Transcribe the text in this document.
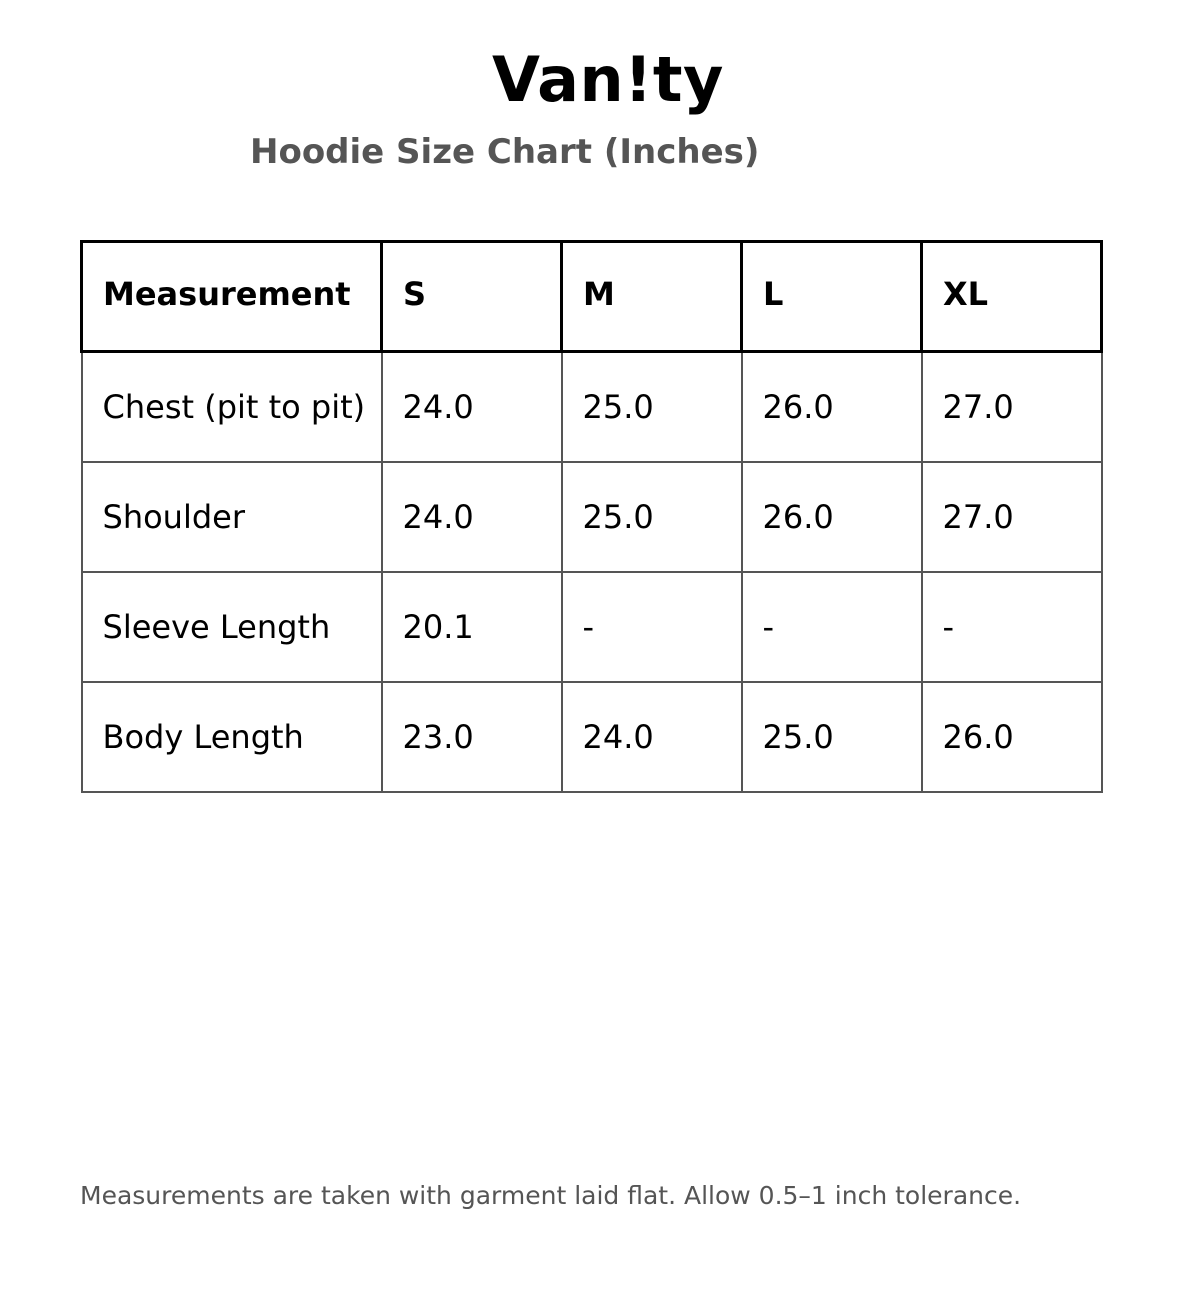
Van!ty
Hoodie Size Chart (Inches)
Measurement	S	M	L	XL
Chest (pit to pit)	24.0	25.0	26.0	27.0
Shoulder	24.0	25.0	26.0	27.0
Sleeve Length	20.1	-	-	-
Body Length	23.0	24.0	25.0	26.0
Measurements are taken with garment laid flat. Allow 0.5–1 inch tolerance.
